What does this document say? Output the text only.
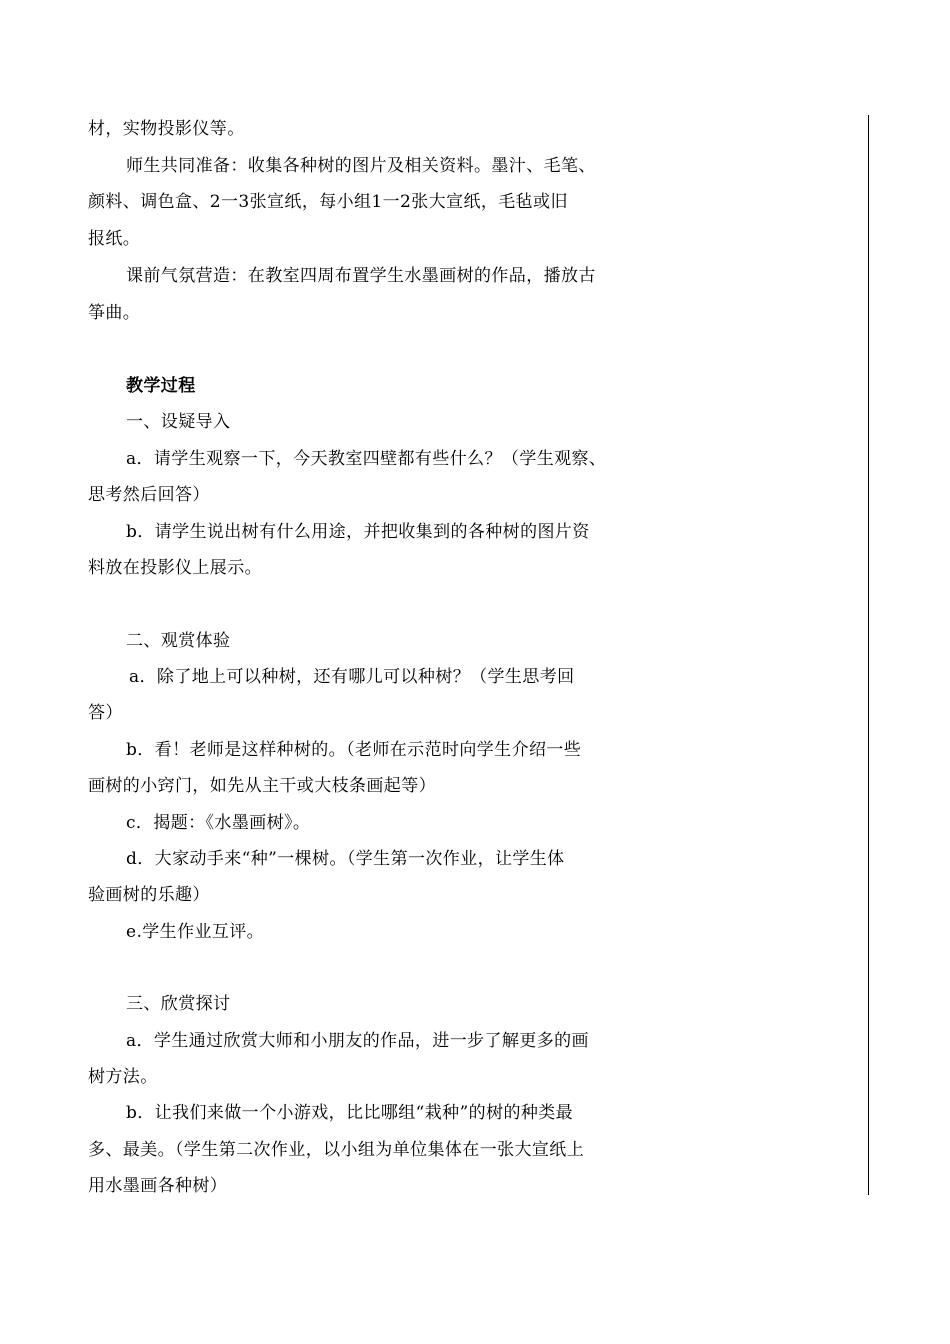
材，实物投影仪等。
师生共同准备：收集各种树的图片及相关资料。墨汁、毛笔、
颜料、调色盒、2一3张宣纸，每小组1一2张大宣纸，毛毡或旧
报纸。
课前气氛营造：在教室四周布置学生水墨画树的作品，播放古
筝曲。
教学过程
一、设疑导入
a．请学生观察一下，今天教室四壁都有些什么？（学生观察、
思考然后回答）
b．请学生说出树有什么用途，并把收集到的各种树的图片资
料放在投影仪上展示。
二、观赏体验
a．除了地上可以种树，还有哪儿可以种树？（学生思考回
答）
b．看！老师是这样种树的。（老师在示范时向学生介绍一些
画树的小窍门，如先从主干或大枝条画起等）
c．揭题：《水墨画树》。
d．大家动手来“种”一棵树。（学生第一次作业，让学生体
验画树的乐趣）
e.学生作业互评。
三、欣赏探讨
a．学生通过欣赏大师和小朋友的作品，进一步了解更多的画
树方法。
b．让我们来做一个小游戏，比比哪组“栽种”的树的种类最
多、最美。（学生第二次作业，以小组为单位集体在一张大宣纸上
用水墨画各种树）
